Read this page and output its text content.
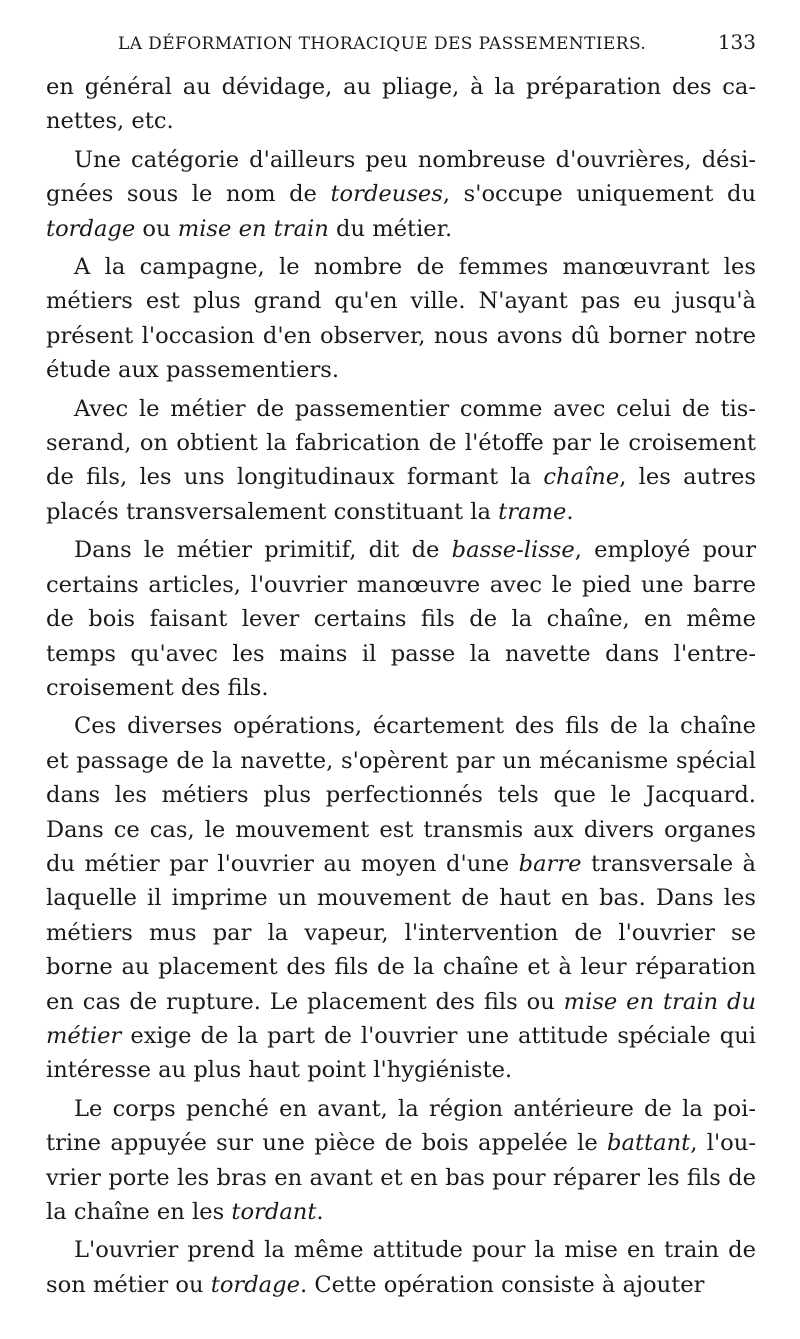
LA DÉFORMATION THORACIQUE DES PASSEMENTIERS.	133

en général au dévidage, au pliage, à la préparation des canettes, etc.

Une catégorie d'ailleurs peu nombreuse d'ouvrières, désignées sous le nom de tordeuses, s'occupe uniquement du tordage ou mise en train du métier.

A la campagne, le nombre de femmes manœuvrant les métiers est plus grand qu'en ville. N'ayant pas eu jusqu'à présent l'occasion d'en observer, nous avons dû borner notre étude aux passementiers.

Avec le métier de passementier comme avec celui de tisserand, on obtient la fabrication de l'étoffe par le croisement de fils, les uns longitudinaux formant la chaîne, les autres placés transversalement constituant la trame.

Dans le métier primitif, dit de basse-lisse, employé pour certains articles, l'ouvrier manœuvre avec le pied une barre de bois faisant lever certains fils de la chaîne, en même temps qu'avec les mains il passe la navette dans l'entrecroisement des fils.

Ces diverses opérations, écartement des fils de la chaîne et passage de la navette, s'opèrent par un mécanisme spécial dans les métiers plus perfectionnés tels que le Jacquard. Dans ce cas, le mouvement est transmis aux divers organes du métier par l'ouvrier au moyen d'une barre transversale à laquelle il imprime un mouvement de haut en bas. Dans les métiers mus par la vapeur, l'intervention de l'ouvrier se borne au placement des fils de la chaîne et à leur réparation en cas de rupture. Le placement des fils ou mise en train du métier exige de la part de l'ouvrier une attitude spéciale qui intéresse au plus haut point l'hygiéniste.

Le corps penché en avant, la région antérieure de la poitrine appuyée sur une pièce de bois appelée le battant, l'ouvrier porte les bras en avant et en bas pour réparer les fils de la chaîne en les tordant.

L'ouvrier prend la même attitude pour la mise en train de son métier ou tordage. Cette opération consiste à ajouter
